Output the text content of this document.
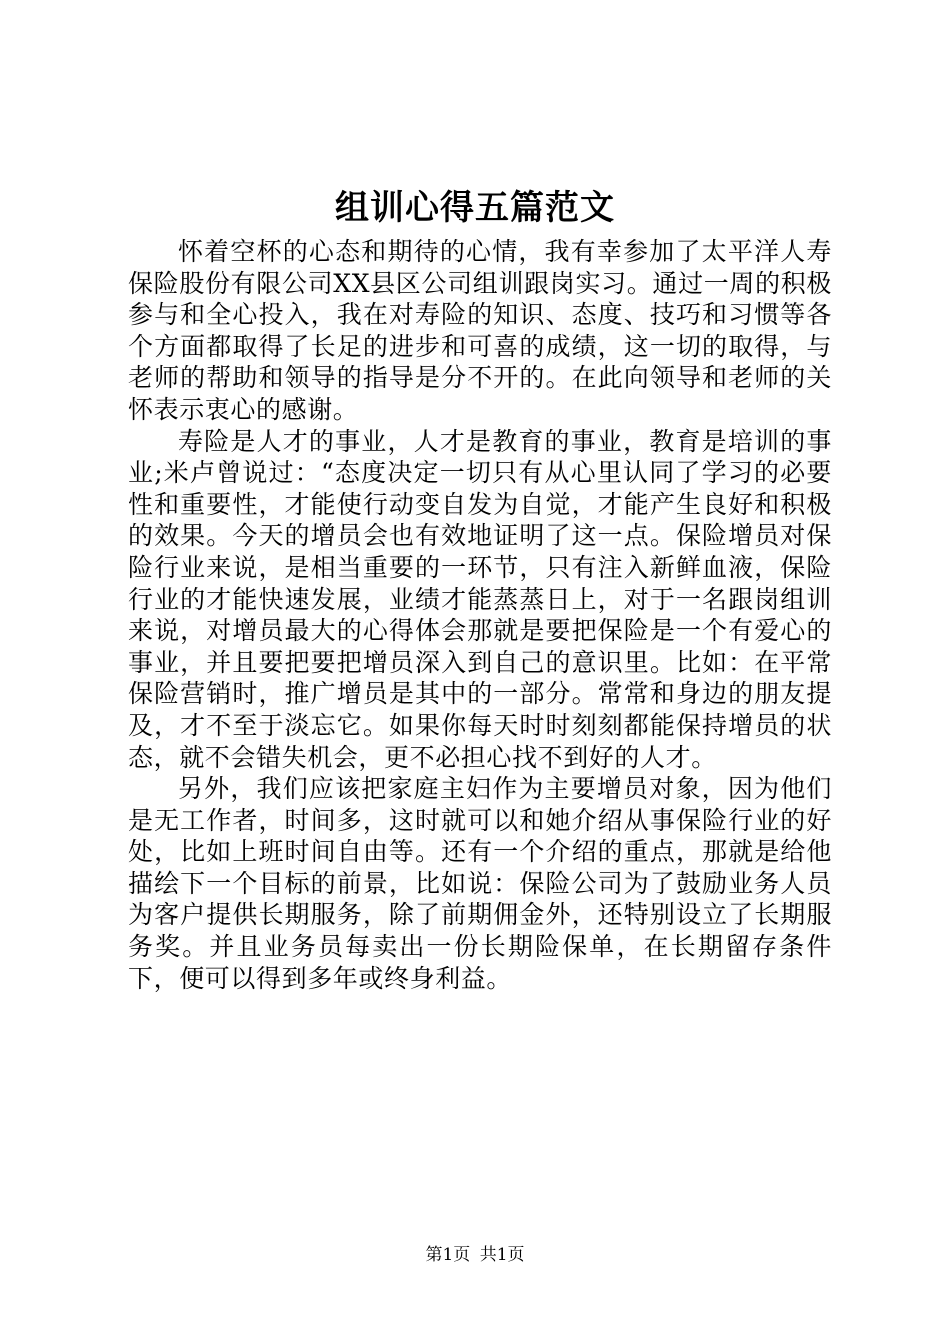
组训心得五篇范文

怀着空杯的心态和期待的心情，我有幸参加了太平洋人寿保险股份有限公司XX县区公司组训跟岗实习。通过一周的积极参与和全心投入，我在对寿险的知识、态度、技巧和习惯等各个方面都取得了长足的进步和可喜的成绩，这一切的取得，与老师的帮助和领导的指导是分不开的。在此向领导和老师的关怀表示衷心的感谢。

寿险是人才的事业，人才是教育的事业，教育是培训的事业;米卢曾说过：“态度决定一切只有从心里认同了学习的必要性和重要性，才能使行动变自发为自觉，才能产生良好和积极的效果。今天的增员会也有效地证明了这一点。保险增员对保险行业来说，是相当重要的一环节，只有注入新鲜血液，保险行业的才能快速发展，业绩才能蒸蒸日上，对于一名跟岗组训来说，对增员最大的心得体会那就是要把保险是一个有爱心的事业，并且要把要把增员深入到自己的意识里。比如：在平常保险营销时，推广增员是其中的一部分。常常和身边的朋友提及，才不至于淡忘它。如果你每天时时刻刻都能保持增员的状态，就不会错失机会，更不必担心找不到好的人才。

另外，我们应该把家庭主妇作为主要增员对象，因为他们是无工作者，时间多，这时就可以和她介绍从事保险行业的好处，比如上班时间自由等。还有一个介绍的重点，那就是给他描绘下一个目标的前景，比如说：保险公司为了鼓励业务人员为客户提供长期服务，除了前期佣金外，还特别设立了长期服务奖。并且业务员每卖出一份长期险保单，在长期留存条件下，便可以得到多年或终身利益。

第1页 共1页
